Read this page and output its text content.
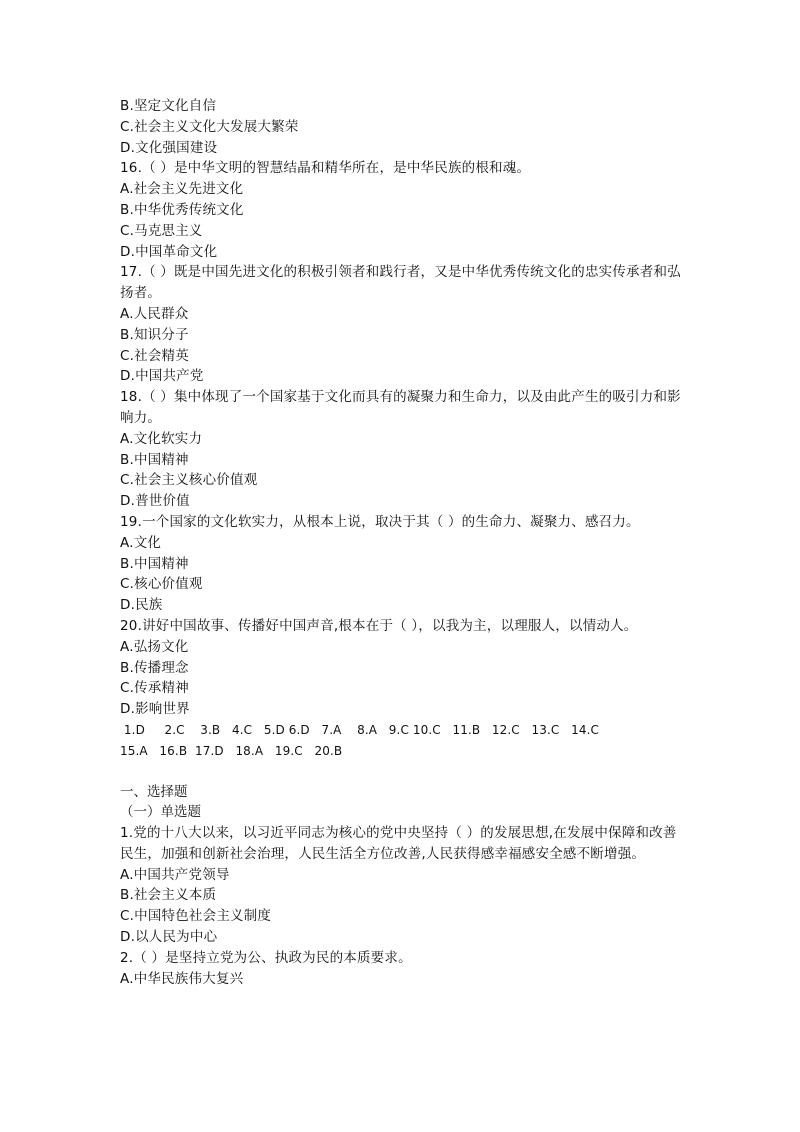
B.坚定文化自信
C.社会主义文化大发展大繁荣
D.文化强国建设
16.（ ）是中华文明的智慧结晶和精华所在，是中华民族的根和魂。
A.社会主义先进文化
B.中华优秀传统文化
C.马克思主义
D.中国革命文化
17.（ ）既是中国先进文化的积极引领者和践行者，又是中华优秀传统文化的忠实传承者和弘扬者。
A.人民群众
B.知识分子
C.社会精英
D.中国共产党
18.（ ）集中体现了一个国家基于文化而具有的凝聚力和生命力，以及由此产生的吸引力和影响力。
A.文化软实力
B.中国精神
C.社会主义核心价值观
D.普世价值
19.一个国家的文化软实力，从根本上说，取决于其（ ）的生命力、凝聚力、感召力。
A.文化
B.中国精神
C.核心价值观
D.民族
20.讲好中国故事、传播好中国声音,根本在于（ ），以我为主，以理服人，以情动人。
A.弘扬文化
B.传播理念
C.传承精神
D.影响世界
1.D     2.C    3.B   4.C   5.D 6.D   7.A    8.A   9.C 10.C   11.B   12.C   13.C   14.C
15.A   16.B  17.D   18.A   19.C   20.B
一、选择题
（一）单选题
1.党的十八大以来，以习近平同志为核心的党中央坚持（ ）的发展思想,在发展中保障和改善民生，加强和创新社会治理，人民生活全方位改善,人民获得感幸福感安全感不断增强。
A.中国共产党领导
B.社会主义本质
C.中国特色社会主义制度
D.以人民为中心
2.（ ）是坚持立党为公、执政为民的本质要求。
A.中华民族伟大复兴
